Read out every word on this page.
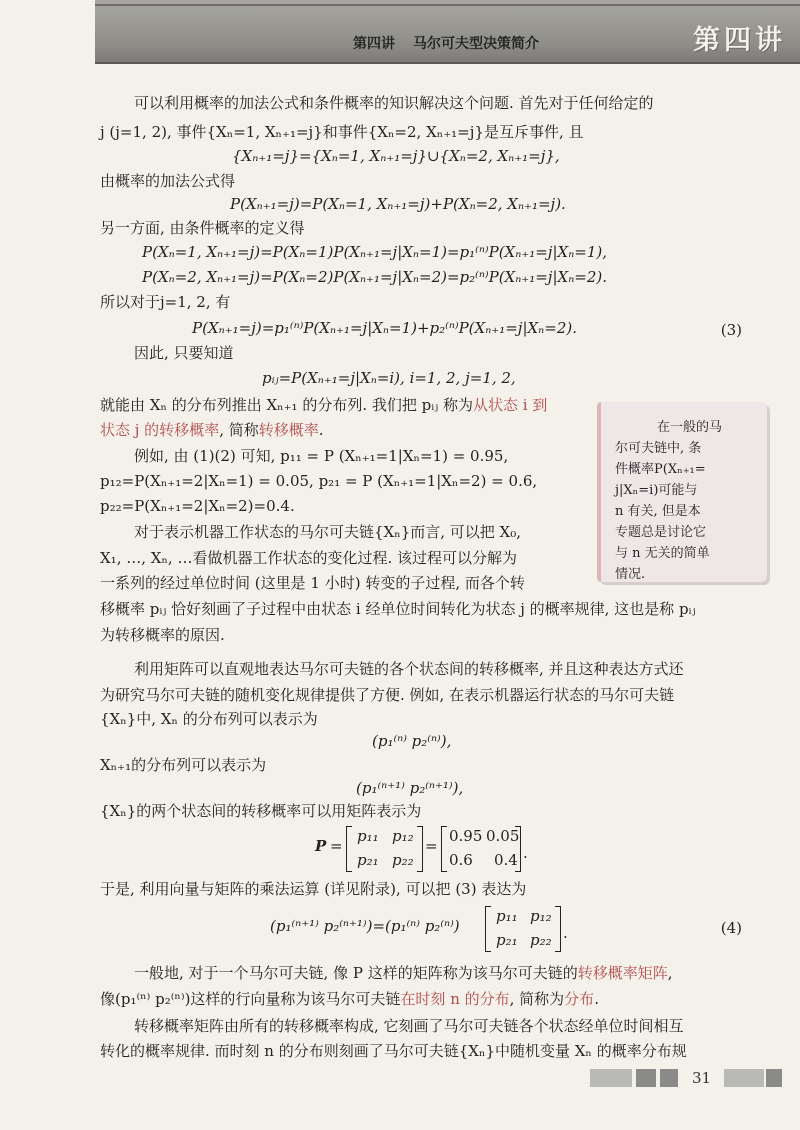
第四讲 马尔可夫型决策简介	第四讲
可以利用概率的加法公式和条件概率的知识解决这个问题. 首先对于任何给定的
j (j=1, 2), 事件{Xₙ=1, Xₙ₊₁=j}和事件{Xₙ=2, Xₙ₊₁=j}是互斥事件, 且
{Xₙ₊₁=j}={Xₙ=1, Xₙ₊₁=j}∪{Xₙ=2, Xₙ₊₁=j},
由概率的加法公式得
P(Xₙ₊₁=j)=P(Xₙ=1, Xₙ₊₁=j)+P(Xₙ=2, Xₙ₊₁=j).
另一方面, 由条件概率的定义得
P(Xₙ=1, Xₙ₊₁=j)=P(Xₙ=1)P(Xₙ₊₁=j|Xₙ=1)=p₁⁽ⁿ⁾P(Xₙ₊₁=j|Xₙ=1),
P(Xₙ=2, Xₙ₊₁=j)=P(Xₙ=2)P(Xₙ₊₁=j|Xₙ=2)=p₂⁽ⁿ⁾P(Xₙ₊₁=j|Xₙ=2).
所以对于j=1, 2, 有
P(Xₙ₊₁=j)=p₁⁽ⁿ⁾P(Xₙ₊₁=j|Xₙ=1)+p₂⁽ⁿ⁾P(Xₙ₊₁=j|Xₙ=2).	(3)
因此, 只要知道
pᵢⱼ=P(Xₙ₊₁=j|Xₙ=i), i=1, 2, j=1, 2,
就能由 Xₙ 的分布列推出 Xₙ₊₁ 的分布列. 我们把 pᵢⱼ 称为从状态 i 到
状态 j 的转移概率, 简称转移概率.
例如, 由 (1)(2) 可知, p₁₁ = P (Xₙ₊₁=1|Xₙ=1) = 0.95,
p₁₂=P(Xₙ₊₁=2|Xₙ=1) = 0.05, p₂₁ = P (Xₙ₊₁=1|Xₙ=2) = 0.6,
p₂₂=P(Xₙ₊₁=2|Xₙ=2)=0.4.
对于表示机器工作状态的马尔可夫链{Xₙ}而言, 可以把 X₀,
X₁, …, Xₙ, …看做机器工作状态的变化过程. 该过程可以分解为
一系列的经过单位时间 (这里是 1 小时) 转变的子过程, 而各个转
移概率 pᵢⱼ 恰好刻画了子过程中由状态 i 经单位时间转化为状态 j 的概率规律, 这也是称 pᵢⱼ
为转移概率的原因.
在一般的马
尔可夫链中, 条
件概率P(Xₙ₊₁=
j|Xₙ=i)可能与
n 有关, 但是本
专题总是讨论它
与 n 无关的简单
情况.
利用矩阵可以直观地表达马尔可夫链的各个状态间的转移概率, 并且这种表达方式还
为研究马尔可夫链的随机变化规律提供了方便. 例如, 在表示机器运行状态的马尔可夫链
{Xₙ}中, Xₙ 的分布列可以表示为
(p₁⁽ⁿ⁾ p₂⁽ⁿ⁾),
Xₙ₊₁的分布列可以表示为
(p₁⁽ⁿ⁺¹⁾ p₂⁽ⁿ⁺¹⁾),
{Xₙ}的两个状态间的转移概率可以用矩阵表示为
P =
p₁₁ p₁₂
p₂₁ p₂₂
=
0.95 0.05
0.6 0.4 .
于是, 利用向量与矩阵的乘法运算 (详见附录), 可以把 (3) 表达为
(p₁⁽ⁿ⁺¹⁾ p₂⁽ⁿ⁺¹⁾)=(p₁⁽ⁿ⁾ p₂⁽ⁿ⁾)
p₁₁ p₁₂
p₂₁ p₂₂ .	(4)
一般地, 对于一个马尔可夫链, 像 P 这样的矩阵称为该马尔可夫链的转移概率矩阵,
像(p₁⁽ⁿ⁾ p₂⁽ⁿ⁾)这样的行向量称为该马尔可夫链在时刻 n 的分布, 简称为分布.
转移概率矩阵由所有的转移概率构成, 它刻画了马尔可夫链各个状态经单位时间相互
转化的概率规律. 而时刻 n 的分布则刻画了马尔可夫链{Xₙ}中随机变量 Xₙ 的概率分布规
31
